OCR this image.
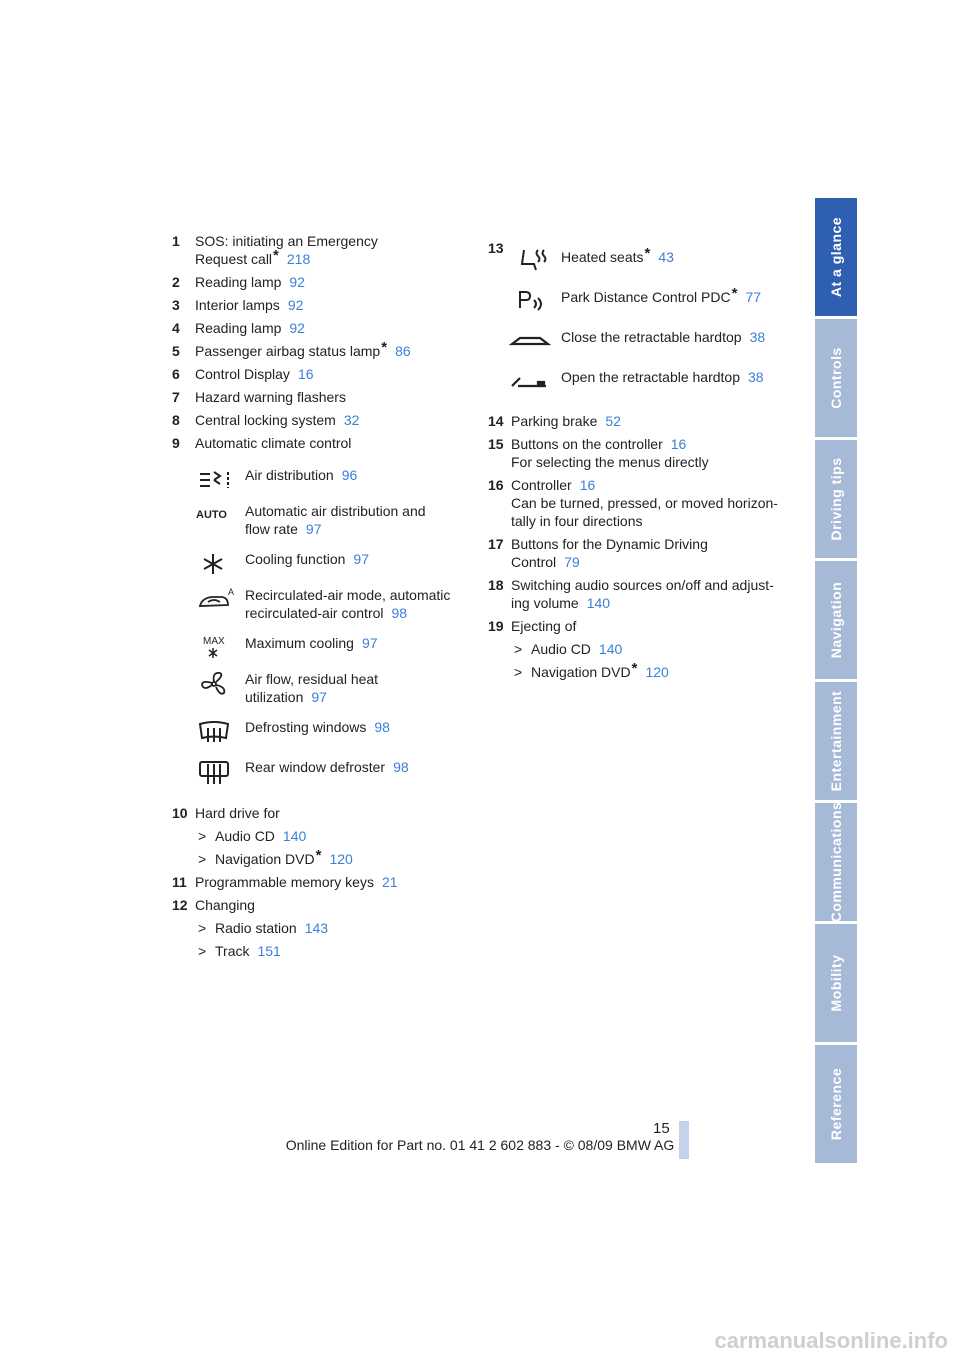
1 SOS: initiating an Emergency
Request call* 218
2 Reading lamp 92
3 Interior lamps 92
4 Reading lamp 92
5 Passenger airbag status lamp* 86
6 Control Display 16
7 Hazard warning flashers
8 Central locking system 32
9 Automatic climate control
Air distribution 96
AUTO	Automatic air distribution and
flow rate 97
Cooling function 97
A Recirculated-air mode, automatic
recirculated-air control 98
MAX Maximum cooling 97
Air flow, residual heat
utilization 97
Defrosting windows 98
Rear window defroster 98
10 Hard drive for
> Audio CD 140
> Navigation DVD* 120
11 Programmable memory keys 21
12 Changing
> Radio station 143
> Track 151
13
Heated seats* 43
Park Distance Control PDC* 77
Close the retractable hardtop 38
Open the retractable hardtop 38
14 Parking brake 52
15 Buttons on the controller 16
For selecting the menus directly
16 Controller 16
Can be turned, pressed, or moved horizon-
tally in four directions
17 Buttons for the Dynamic Driving
Control 79
18 Switching audio sources on/off and adjust-
ing volume 140
19 Ejecting of
> Audio CD 140
> Navigation DVD* 120
At a glance
Controls
Driving tips
Navigation
Entertainment
Communications
Mobility
Reference
15
Online Edition for Part no. 01 41 2 602 883 - © 08/09 BMW AG
carmanualsonline.info
